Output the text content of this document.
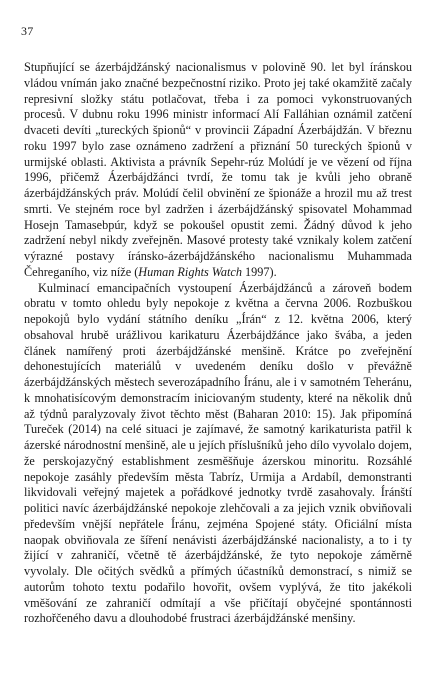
37

Stupňující se ázerbájdžánský nacionalismus v polovině 90. let byl íránskou vládou vnímán jako značné bezpečnostní riziko. Proto jej také okamžitě začaly represivní složky státu potlačovat, třeba i za pomoci vykonstruovaných procesů. V dubnu roku 1996 ministr informací Alí Falláhian oznámil zatčení dvaceti devíti „tureckých špionů“ v provincii Západní Ázerbájdžán. V březnu roku 1997 bylo zase oznámeno zadržení a přiznání 50 tureckých špionů v urmijské oblasti. Aktivista a právník Sepehr-rúz Molúdí je ve vězení od října 1996, přičemž Ázerbájdžánci tvrdí, že tomu tak je kvůli jeho obraně ázerbájdžánských práv. Molúdí čelil obvinění ze špionáže a hrozil mu až trest smrti. Ve stejném roce byl zadržen i ázerbájdžánský spisovatel Mohammad Hosejn Tamasebpúr, když se pokoušel opustit zemi. Žádný důvod k jeho zadržení nebyl nikdy zveřejněn. Masové protesty také vznikaly kolem zatčení výrazné postavy íránsko-ázerbájdžánského nacionalismu Muhammada Čehreganího, viz níže (Human Rights Watch 1997).

Kulminací emancipačních vystoupení Ázerbájdžánců a zároveň bodem obratu v tomto ohledu byly nepokoje z května a června 2006. Rozbuškou nepokojů bylo vydání státního deníku „Írán“ z 12. května 2006, který obsahoval hrubě urážlivou karikaturu Ázerbájdžánce jako švába, a jeden článek namířený proti ázerbájdžánské menšině. Krátce po zveřejnění dehonestujících materiálů v uvedeném deníku došlo v převážně ázerbájdžánských městech severozápadního Íránu, ale i v samotném Teheránu, k mnohatisícovým demonstracím iniciovaným studenty, které na několik dnů až týdnů paralyzovaly život těchto měst (Baharan 2010: 15). Jak připomíná Tureček (2014) na celé situaci je zajímavé, že samotný karikaturista patřil k ázerské národnostní menšině, ale u jejích příslušníků jeho dílo vyvolalo dojem, že perskojazyčný establishment zesměšňuje ázerskou minoritu. Rozsáhlé nepokoje zasáhly především města Tabríz, Urmija a Ardabíl, demonstranti likvidovali veřejný majetek a pořádkové jednotky tvrdě zasahovaly. Íránští politici navíc ázerbájdžánské nepokoje zlehčovali a za jejich vznik obviňovali především vnější nepřátele Íránu, zejména Spojené státy. Oficiální místa naopak obviňovala ze šíření nenávisti ázerbájdžánské nacionalisty, a to i ty žijící v zahraničí, včetně tě ázerbájdžánské, že tyto nepokoje záměrně vyvolaly. Dle očitých svědků a přímých účastníků demonstrací, s nimiž se autorům tohoto textu podařilo hovořit, ovšem vyplývá, že tito jakékoli vměšování ze zahraničí odmítají a vše přičítají obyčejné spontánnosti rozhořčeného davu a dlouhodobé frustraci ázerbájdžánské menšiny.
